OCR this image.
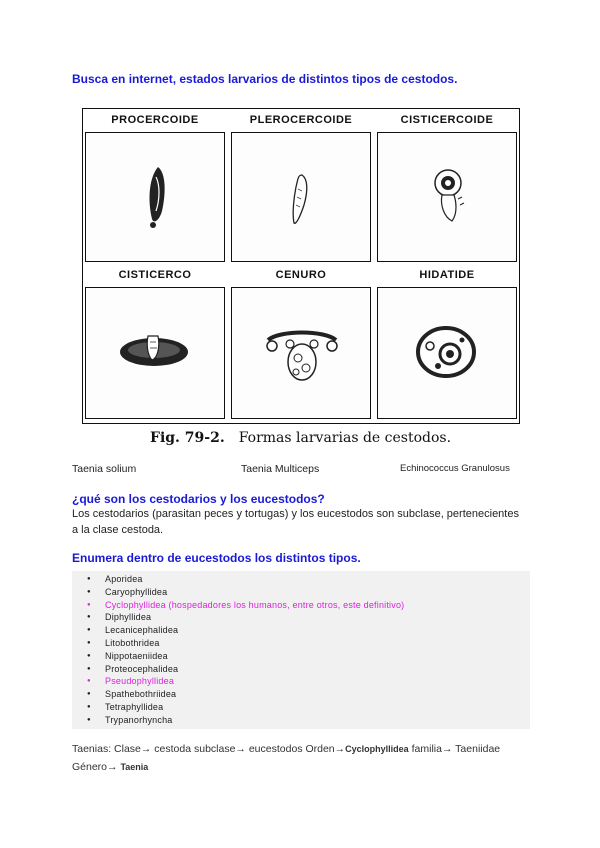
Busca en internet, estados larvarios de distintos tipos de cestodos.
PROCERCOIDE	PLEROCERCOIDE	CISTICERCOIDE
CISTICERCO	CENURO	HIDATIDE
Fig. 79-2. Formas larvarias de cestodos.
Taenia solium	Taenia Multiceps	Echinococcus Granulosus
¿qué son los cestodarios y los eucestodos?
Los cestodarios (parasitan peces y tortugas) y los eucestodos son subclase, pertenecientes
a la clase cestoda.
Enumera dentro de eucestodos los distintos tipos.
● Aporidea
● Caryophyllidea
● Cyclophyllidea (hospedadores los humanos, entre otros, este definitivo)
● Diphyllidea
● Lecanicephalidea
● Litobothridea
● Nippotaeniidea
● Proteocephalidea
● Pseudophyllidea
● Spathebothriidea
● Tetraphyllidea
● Trypanorhyncha
Taenias: Clase→ cestoda subclase→ eucestodos Orden→Cyclophyllidea familia→ Taeniidae
Género→ Taenia
